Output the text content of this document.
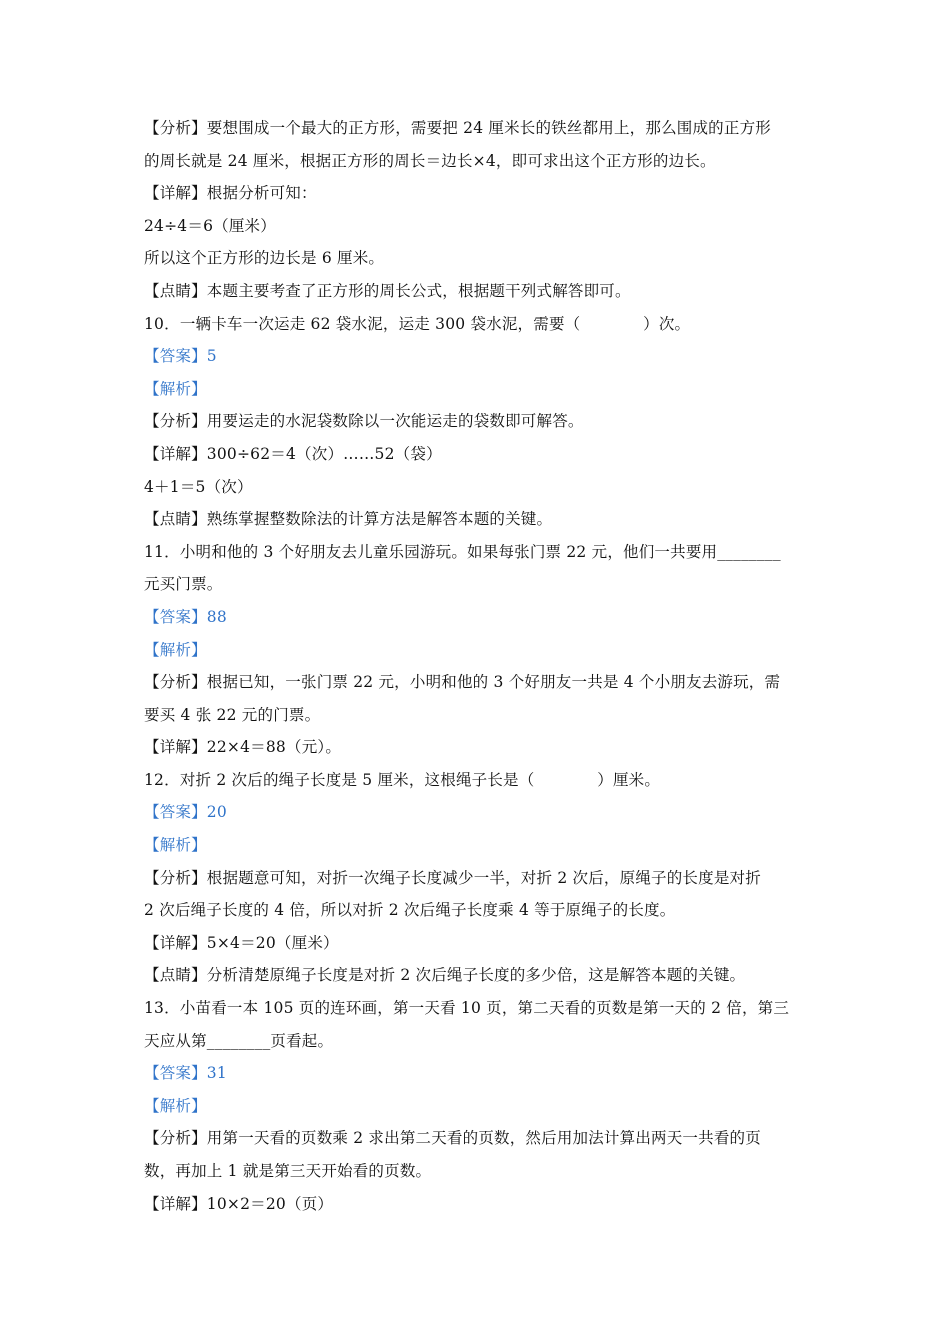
【分析】要想围成一个最大的正方形，需要把 24 厘米长的铁丝都用上，那么围成的正方形
的周长就是 24 厘米，根据正方形的周长＝边长×4，即可求出这个正方形的边长。
【详解】根据分析可知：
24÷4＝6（厘米）
所以这个正方形的边长是 6 厘米。
【点睛】本题主要考查了正方形的周长公式，根据题干列式解答即可。
10．一辆卡车一次运走 62 袋水泥，运走 300 袋水泥，需要（　　　　）次。
【答案】5
【解析】
【分析】用要运走的水泥袋数除以一次能运走的袋数即可解答。
【详解】300÷62＝4（次）……52（袋）
4＋1＝5（次）
【点睛】熟练掌握整数除法的计算方法是解答本题的关键。
11．小明和他的 3 个好朋友去儿童乐园游玩。如果每张门票 22 元，他们一共要用________
元买门票。
【答案】88
【解析】
【分析】根据已知，一张门票 22 元，小明和他的 3 个好朋友一共是 4 个小朋友去游玩，需
要买 4 张 22 元的门票。
【详解】22×4＝88（元）。
12．对折 2 次后的绳子长度是 5 厘米，这根绳子长是（　　　　）厘米。
【答案】20
【解析】
【分析】根据题意可知，对折一次绳子长度减少一半，对折 2 次后，原绳子的长度是对折
2 次后绳子长度的 4 倍，所以对折 2 次后绳子长度乘 4 等于原绳子的长度。
【详解】5×4＝20（厘米）
【点睛】分析清楚原绳子长度是对折 2 次后绳子长度的多少倍，这是解答本题的关键。
13．小苗看一本 105 页的连环画，第一天看 10 页，第二天看的页数是第一天的 2 倍，第三
天应从第________页看起。
【答案】31
【解析】
【分析】用第一天看的页数乘 2 求出第二天看的页数，然后用加法计算出两天一共看的页
数，再加上 1 就是第三天开始看的页数。
【详解】10×2＝20（页）
